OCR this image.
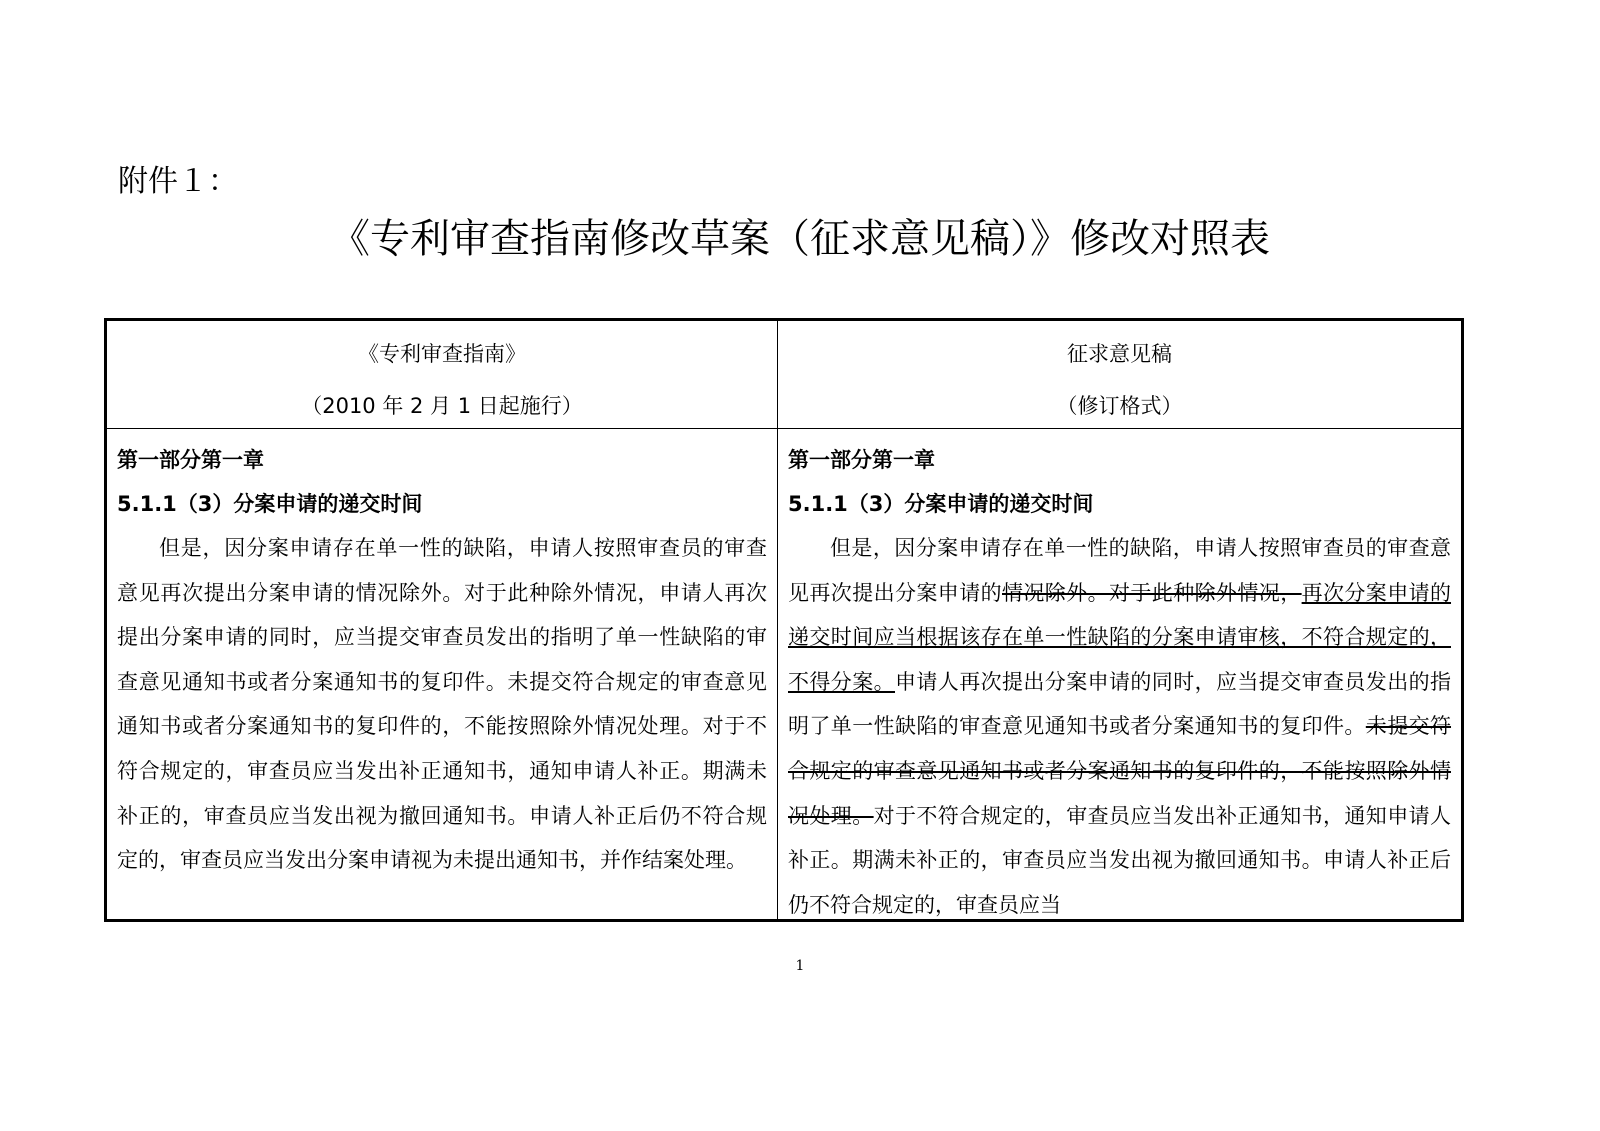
附件１：
《专利审查指南修改草案（征求意见稿）》修改对照表
《专利审查指南》
（2010 年 2 月 1 日起施行）
征求意见稿
（修订格式）
第一部分第一章
5.1.1（3）分案申请的递交时间

但是，因分案申请存在单一性的缺陷，申请人按照审查员的审查意见再次提出分案申请的情况除外。对于此种除外情况，申请人再次提出分案申请的同时，应当提交审查员发出的指明了单一性缺陷的审查意见通知书或者分案通知书的复印件。未提交符合规定的审查意见通知书或者分案通知书的复印件的，不能按照除外情况处理。对于不符合规定的，审查员应当发出补正通知书，通知申请人补正。期满未补正的，审查员应当发出视为撤回通知书。申请人补正后仍不符合规定的，审查员应当发出分案申请视为未提出通知书，并作结案处理。

第一部分第一章
5.1.1（3）分案申请的递交时间

但是，因分案申请存在单一性的缺陷，申请人按照审查员的审查意见再次提出分案申请的情况除外。对于此种除外情况，再次分案申请的递交时间应当根据该存在单一性缺陷的分案申请审核，不符合规定的，不得分案。申请人再次提出分案申请的同时，应当提交审查员发出的指明了单一性缺陷的审查意见通知书或者分案通知书的复印件。未提交符合规定的审查意见通知书或者分案通知书的复印件的，不能按照除外情况处理。对于不符合规定的，审查员应当发出补正通知书，通知申请人补正。期满未补正的，审查员应当发出视为撤回通知书。申请人补正后仍不符合规定的，审查员应当

1
